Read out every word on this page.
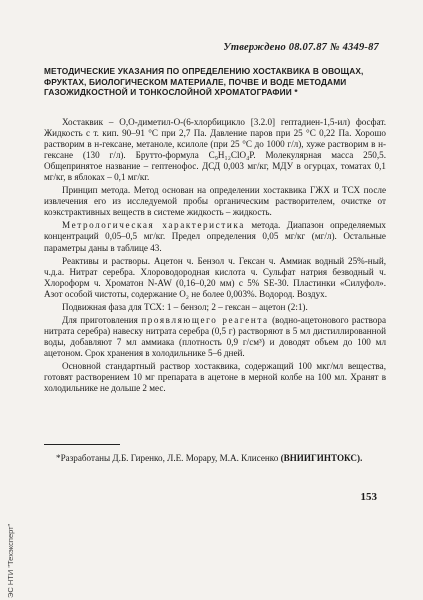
Утверждено 08.07.87 № 4349-87
МЕТОДИЧЕСКИЕ УКАЗАНИЯ ПО ОПРЕДЕЛЕНИЮ ХОСТАКВИКА В ОВОЩАХ, ФРУКТАХ, БИОЛОГИЧЕСКОМ МАТЕРИАЛЕ, ПОЧВЕ И ВОДЕ МЕТОДАМИ ГАЗОЖИДКОСТНОЙ И ТОНКОСЛОЙНОЙ ХРОМАТОГРАФИИ *

Хостаквик – О,О-диметил-О-(6-хлорбицикло [3.2.0] гептадиен-1,5-ил) фосфат. Жидкость с т. кип. 90–91 °С при 2,7 Па. Давление паров при 25 °С 0,22 Па. Хорошо растворим в н-гексане, метаноле, ксилоле (при 25 °С до 1000 г/л), хуже растворим в н-гексане (130 г/л). Брутто-формула C₉H₁₂ClO₄P. Молекулярная масса 250,5. Общепринятое название – гептенофос. ДСД 0,003 мг/кг, МДУ в огурцах, томатах 0,1 мг/кг, в яблоках – 0,1 мг/кг.

Принцип метода. Метод основан на определении хостаквика ГЖХ и ТСХ после извлечения его из исследуемой пробы органическим растворителем, очистке от коэкстрактивных веществ в системе жидкость – жидкость.

Метрологическая характеристика метода. Диапазон определяемых концентраций 0,05–0,5 мг/кг. Предел определения 0,05 мг/кг (мг/л). Остальные параметры даны в таблице 43.

Реактивы и растворы. Ацетон ч. Бензол ч. Гексан ч. Аммиак водный 25%-ный, ч.д.а. Нитрат серебра. Хлороводородная кислота ч. Сульфат натрия безводный ч. Хлороформ ч. Хроматон N-AW (0,16–0,20 мм) с 5% SE-30. Пластинки «Силуфол». Азот особой чистоты, содержание O₂ не более 0,003%. Водород. Воздух.

Подвижная фаза для ТСХ: 1 – бензол; 2 – гексан – ацетон (2:1).

Для приготовления проявляющего реагента (водно-ацетонового раствора нитрата серебра) навеску нитрата серебра (0,5 г) растворяют в 5 мл дистиллированной воды, добавляют 7 мл аммиака (плотность 0,9 г/см³) и доводят объем до 100 мл ацетоном. Срок хранения в холодильнике 5–6 дней.

Основной стандартный раствор хостаквика, содержащий 100 мкг/мл вещества, готовят растворением 10 мг препарата в ацетоне в мерной колбе на 100 мл. Хранят в холодильнике не дольше 2 мес.

*Разработаны Д.Б. Гиренко, Л.Е. Мораpу, М.А. Клисенко (ВНИИГИНТОКС).

153
ЭС НТИ "Техэксперт"
